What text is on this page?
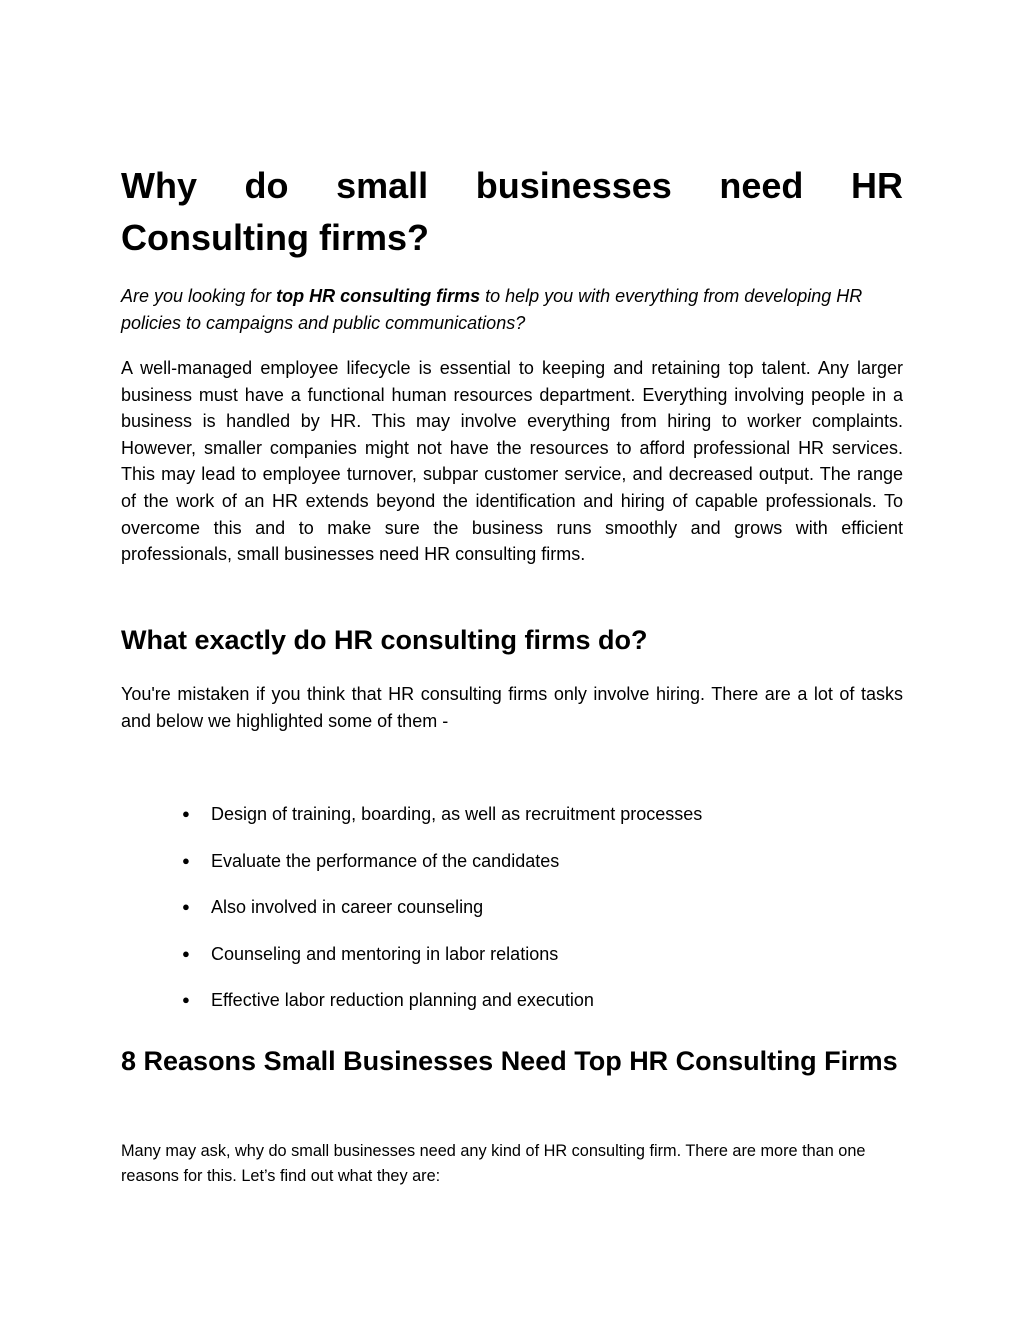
Why do small businesses need HR Consulting firms?

Are you looking for top HR consulting firms to help you with everything from developing HR policies to campaigns and public communications?

A well-managed employee lifecycle is essential to keeping and retaining top talent. Any larger business must have a functional human resources department. Everything involving people in a business is handled by HR. This may involve everything from hiring to worker complaints. However, smaller companies might not have the resources to afford professional HR services. This may lead to employee turnover, subpar customer service, and decreased output. The range of the work of an HR extends beyond the identification and hiring of capable professionals. To overcome this and to make sure the business runs smoothly and grows with efficient professionals, small businesses need HR consulting firms.

What exactly do HR consulting firms do?

You're mistaken if you think that HR consulting firms only involve hiring. There are a lot of tasks and below we highlighted some of them -

● Design of training, boarding, as well as recruitment processes
● Evaluate the performance of the candidates
● Also involved in career counseling
● Counseling and mentoring in labor relations
● Effective labor reduction planning and execution
8 Reasons Small Businesses Need Top HR Consulting Firms

Many may ask, why do small businesses need any kind of HR consulting firm. There are more than one reasons for this. Let’s find out what they are:
